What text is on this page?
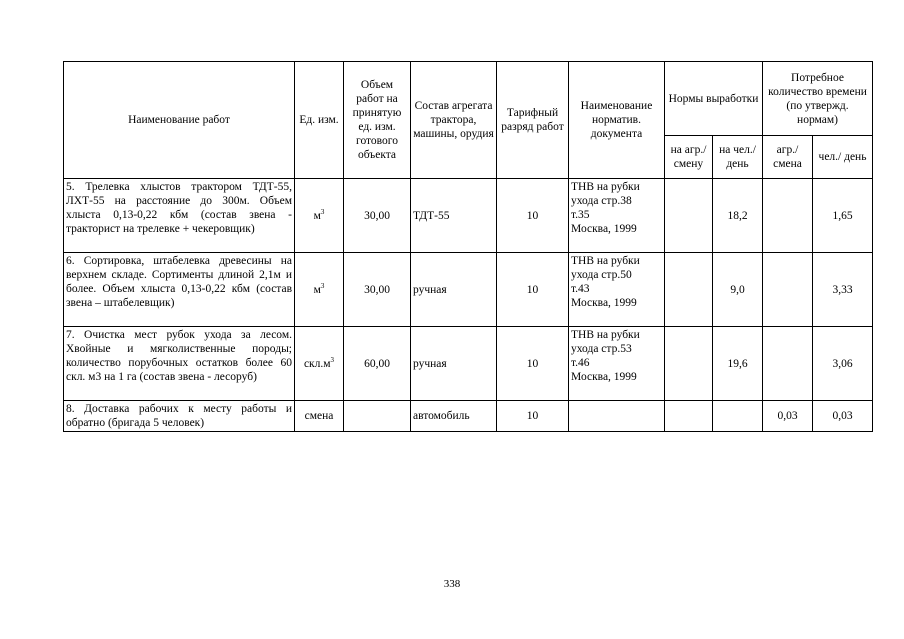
Наименование работ	Ед. изм.	Объем работ на принятую ед. изм. готового объекта	Состав агрегата трактора, машины, орудия	Тарифный разряд работ	Наименование норматив. документа	Нормы выработки		Потребное количество времени (по утвержд. нормам)	
						на агр./ смену	на чел./ день	агр./ смена	чел./ день
5. Трелевка хлыстов трактором ТДТ-55, ЛХТ-55 на расстояние до 300м. Объем хлыста 0,13-0,22 кбм (состав звена - тракторист на трелевке + чекеровщик)	$м^3$	30,00	ТДТ-55	10	ТНВ на рубки
ухода стр.38
т.35
Москва, 1999		18,2		1,65
6. Сортировка, штабелевка древесины на верхнем складе. Сортименты длиной 2,1м и более. Объем хлыста 0,13-0,22 кбм (состав звена – штабелевщик)	$м^3$	30,00	ручная	10	ТНВ на рубки
ухода стр.50
т.43
Москва, 1999		9,0		3,33
7. Очистка мест рубок ухода за лесом. Хвойные и мягколиственные породы; количество порубочных остатков более 60 скл. м3 на 1 га (состав звена - лесоруб)	$скл.м^3$	60,00	ручная	10	ТНВ на рубки
ухода стр.53
т.46
Москва, 1999		19,6		3,06
8. Доставка рабочих к месту работы и обратно (бригада 5 человек)	смена		автомобиль	10				0,03	0,03
338
